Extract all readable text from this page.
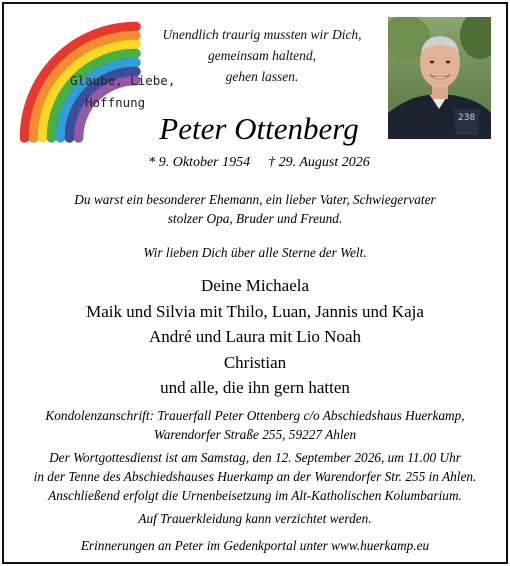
Glaube, Liebe,
Hoffnung
Unendlich traurig mussten wir Dich,
gemeinsam haltend,
gehen lassen.
238
Peter Ottenberg
* 9. Oktober 1954 † 29. August 2026
Du warst ein besonderer Ehemann, ein lieber Vater, Schwiegervater
stolzer Opa, Bruder und Freund.
Wir lieben Dich über alle Sterne der Welt.
Deine Michaela
Maik und Silvia mit Thilo, Luan, Jannis und Kaja
André und Laura mit Lio Noah
Christian
und alle, die ihn gern hatten
Kondolenzanschrift: Trauerfall Peter Ottenberg c/o Abschiedshaus Huerkamp,
Warendorfer Straße 255, 59227 Ahlen
Der Wortgottesdienst ist am Samstag, den 12. September 2026, um 11.00 Uhr
in der Tenne des Abschiedshauses Huerkamp an der Warendorfer Str. 255 in Ahlen.
Anschließend erfolgt die Urnenbeisetzung im Alt-Katholischen Kolumbarium.
Auf Trauerkleidung kann verzichtet werden.
Erinnerungen an Peter im Gedenkportal unter www.huerkamp.eu
